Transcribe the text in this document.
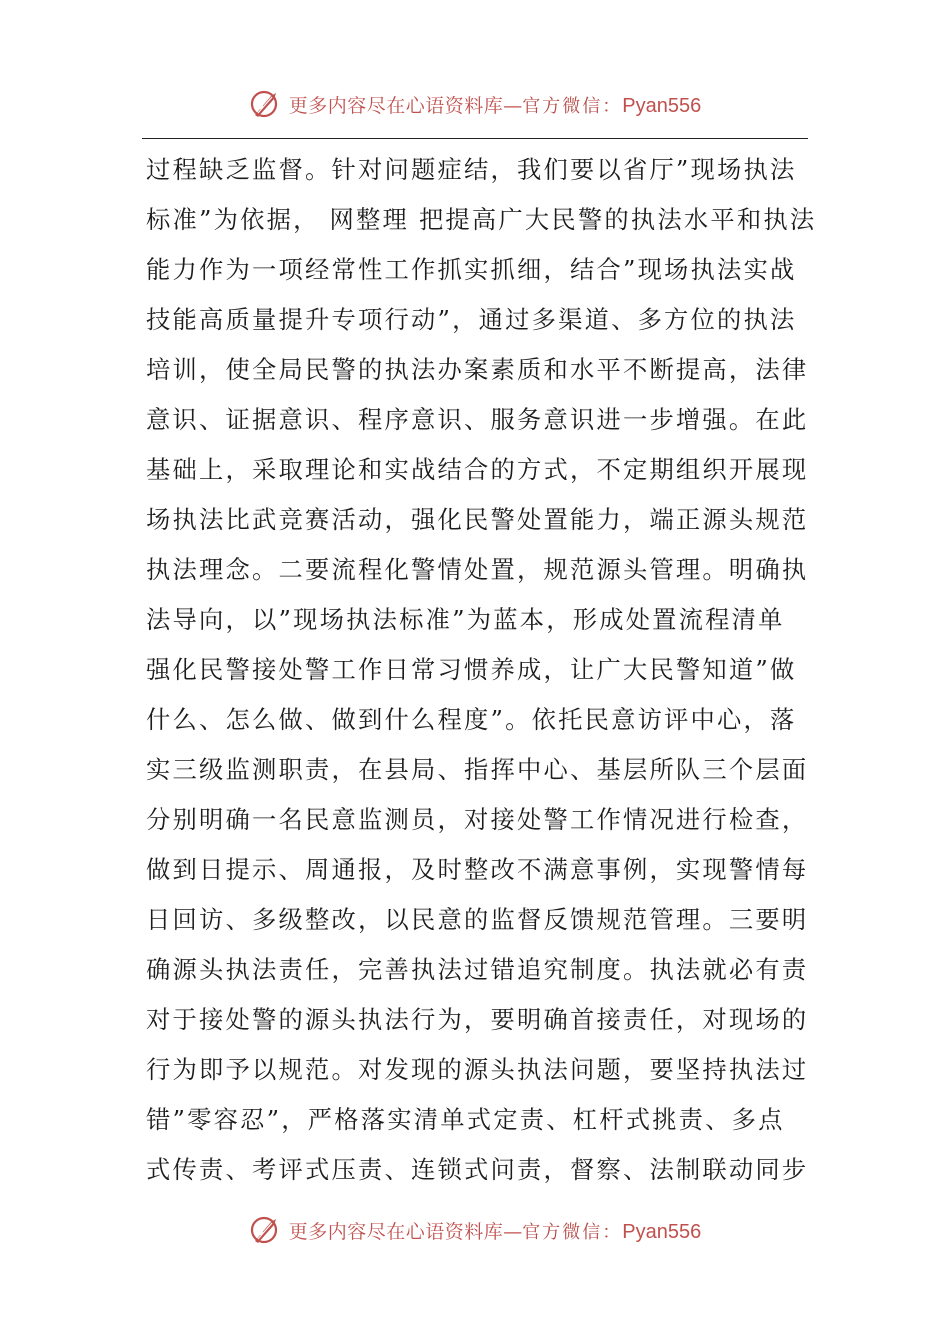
更多内容尽在心语资料库 — 官方微信： Pyan556
过程缺乏监督。针对问题症结，我们要以省厅”现场执法
标准”为依据， 网整理 把提高广大民警的执法水平和执法
能力作为一项经常性工作抓实抓细，结合”现场执法实战
技能高质量提升专项行动”，通过多渠道、多方位的执法
培训，使全局民警的执法办案素质和水平不断提高，法律
意识、证据意识、程序意识、服务意识进一步增强。在此
基础上，采取理论和实战结合的方式，不定期组织开展现
场执法比武竞赛活动，强化民警处置能力，端正源头规范
执法理念。二要流程化警情处置，规范源头管理。明确执
法导向，以”现场执法标准”为蓝本，形成处置流程清单
强化民警接处警工作日常习惯养成，让广大民警知道”做
什么、怎么做、做到什么程度”。依托民意访评中心，落
实三级监测职责，在县局、指挥中心、基层所队三个层面
分别明确一名民意监测员，对接处警工作情况进行检查，
做到日提示、周通报，及时整改不满意事例，实现警情每
日回访、多级整改，以民意的监督反馈规范管理。三要明
确源头执法责任，完善执法过错追究制度。执法就必有责
对于接处警的源头执法行为，要明确首接责任，对现场的
行为即予以规范。对发现的源头执法问题，要坚持执法过
错”零容忍”，严格落实清单式定责、杠杆式挑责、多点
式传责、考评式压责、连锁式问责，督察、法制联动同步
更多内容尽在心语资料库 — 官方微信： Pyan556
